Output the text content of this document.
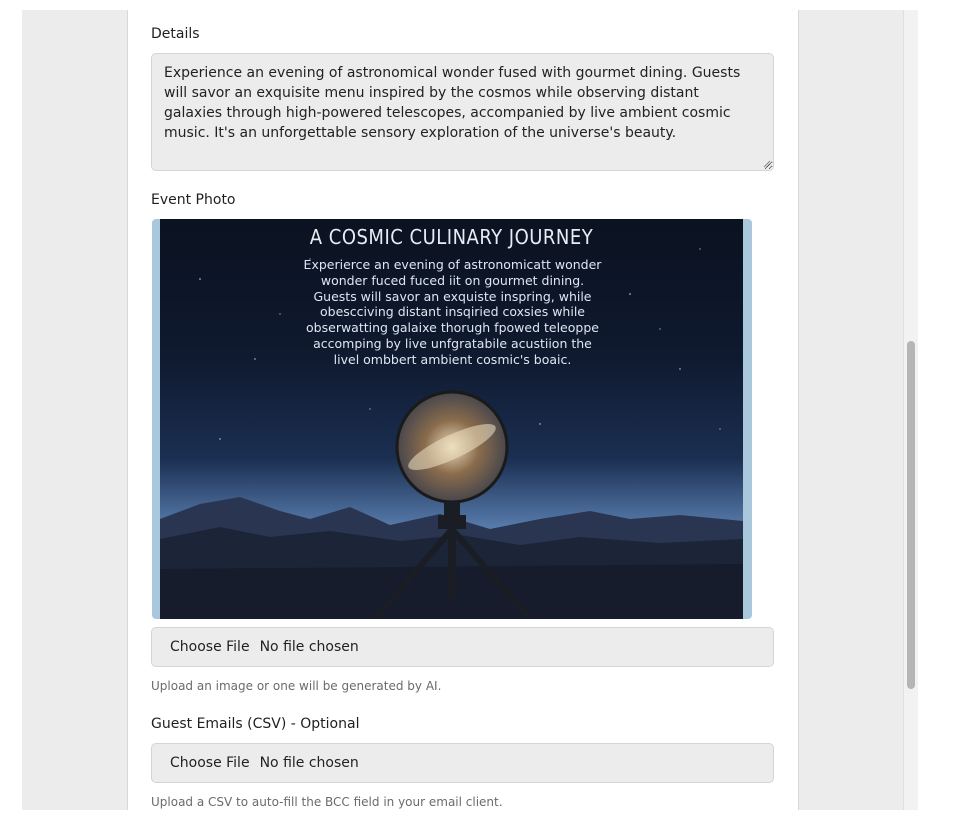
Details
Experience an evening of astronomical wonder fused with gourmet dining. Guests will savor an exquisite menu inspired by the cosmos while observing distant galaxies through high-powered telescopes, accompanied by live ambient cosmic music. It's an unforgettable sensory exploration of the universe's beauty.
Event Photo
A COSMIC CULINARY JOURNEY
Experierce an evening of astronomicatt wonder
wonder fuced fuced iit on gourmet dining.
Guests will savor an exquiste inspring, while
obescciving distant insqiried coxsies while
obserwatting galaixe thorugh fpowed teleoppe
accomping by live unfgratabile acustiion the
livel ombbert ambient cosmic's boaic.
Choose File No file chosen
Upload an image or one will be generated by AI.
Guest Emails (CSV) - Optional
Choose File No file chosen
Upload a CSV to auto-fill the BCC field in your email client.
